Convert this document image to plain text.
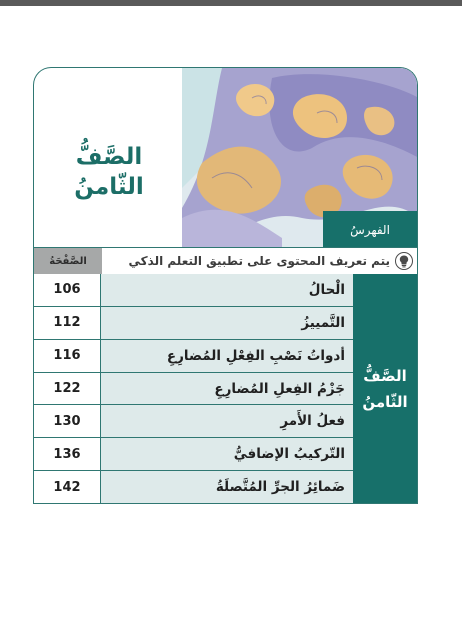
الصَّفُّ
الثّامنُ
الفهرسُ
يتم تعريف المحتوى على تطبيق التعلم الذكي
الصَّفْحَةُ
الصَّفُّ
الثّامنُ
الْحالُ
106
التَّمييزُ
112
أدواتُ نَصْبِ الفِعْلِ المُضارِعِ
116
جَزْمُ الفِعلِ المُضارِعِ
122
فعلُ الأَمرِ
130
التّركيبُ الإضافيُّ
136
ضَمائِرُ الجرِّ المُتَّصلَةُ
142
